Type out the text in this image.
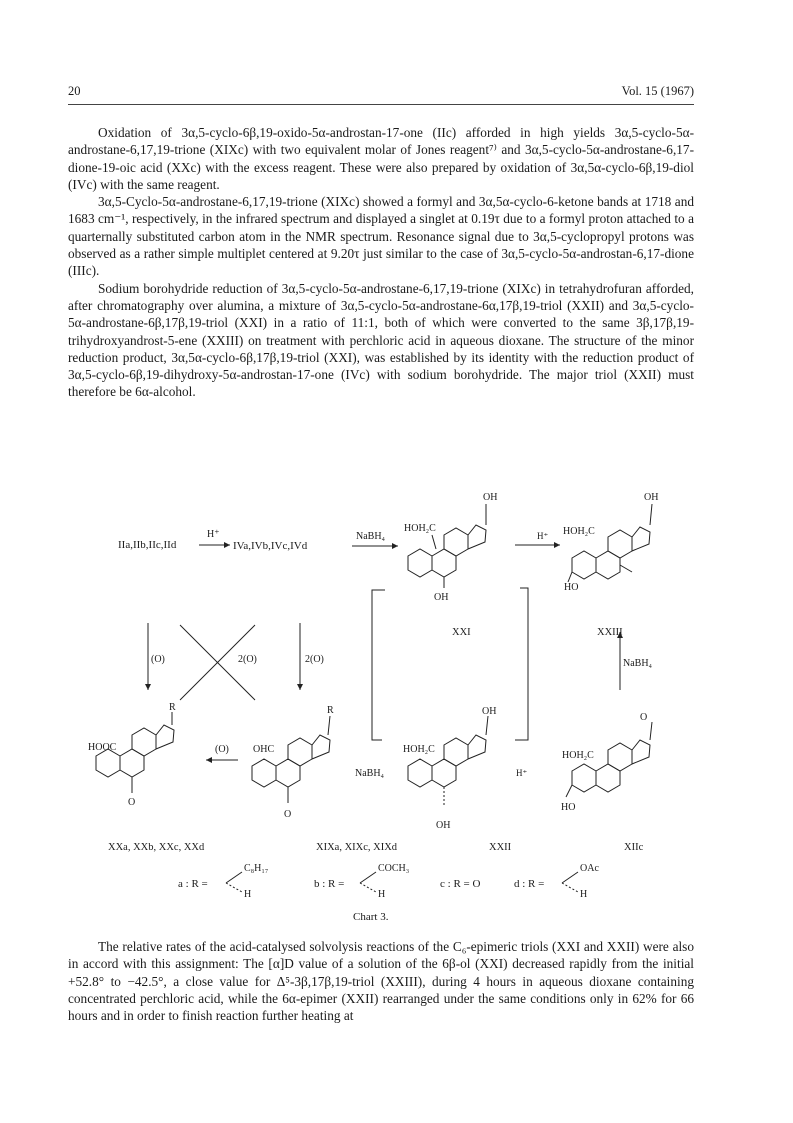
20	Vol. 15 (1967)

Oxidation of 3α,5-cyclo-6β,19-oxido-5α-androstan-17-one (IIc) afforded in high yields 3α,5-cyclo-5α-androstane-6,17,19-trione (XIXc) with two equivalent molar of Jones reagent⁷⁾ and 3α,5-cyclo-5α-androstane-6,17-dione-19-oic acid (XXc) with the excess reagent. These were also prepared by oxidation of 3α,5α-cyclo-6β,19-diol (IVc) with the same reagent.

3α,5-Cyclo-5α-androstane-6,17,19-trione (XIXc) showed a formyl and 3α,5α-cyclo-6-ketone bands at 1718 and 1683 cm⁻¹, respectively, in the infrared spectrum and displayed a singlet at 0.19τ due to a formyl proton attached to a quarternally substituted carbon atom in the NMR spectrum. Resonance signal due to 3α,5-cyclopropyl protons was observed as a rather simple multiplet centered at 9.20τ just similar to the case of 3α,5-cyclo-5α-androstan-6,17-dione (IIIc).

Sodium borohydride reduction of 3α,5-cyclo-5α-androstane-6,17,19-trione (XIXc) in tetrahydrofuran afforded, after chromatography over alumina, a mixture of 3α,5-cyclo-5α-androstane-6α,17β,19-triol (XXII) and 3α,5-cyclo-5α-androstane-6β,17β,19-triol (XXI) in a ratio of 11:1, both of which were converted to the same 3β,17β,19-trihydroxyandrost-5-ene (XXIII) on treatment with perchloric acid in aqueous dioxane. The structure of the minor reduction product, 3α,5α-cyclo-6β,17β,19-triol (XXI), was established by its identity with the reduction product of 3α,5-cyclo-6β,19-dihydroxy-5α-androstan-17-one (IVc) with sodium borohydride. The major triol (XXII) must therefore be 6α-alcohol.

IIa,IIb,IIc,IId
H⁺
IVa,IVb,IVc,IVd
NaBH₄
HOH₂C
OH
OH
XXI
H⁺ HOH₂C
OH
HO
XXIII
(O)	2(O)	2(O)	NaBH₄
NaBH₄	H⁺
HOOC
R
O
(O) OHC
R
O
HOH₂C
OH
OH
HOH₂C
O
HO
XXa, XXb, XXc, XXd	XIXa, XIXc, XIXd	XXII	XIIc
a : R =
C₈H₁₇
H
b : R =
COCH₃
H
c : R = O	d : R =
OAc
H
Chart 3.

The relative rates of the acid-catalysed solvolysis reactions of the C₆-epimeric triols (XXI and XXII) were also in accord with this assignment: The [α]D value of a solution of the 6β-ol (XXI) decreased rapidly from the initial +52.8° to −42.5°, a close value for Δ⁵-3β,17β,19-triol (XXIII), during 4 hours in aqueous dioxane containing concentrated perchloric acid, while the 6α-epimer (XXII) rearranged under the same conditions only in 62% for 66 hours and in order to finish reaction further heating at
